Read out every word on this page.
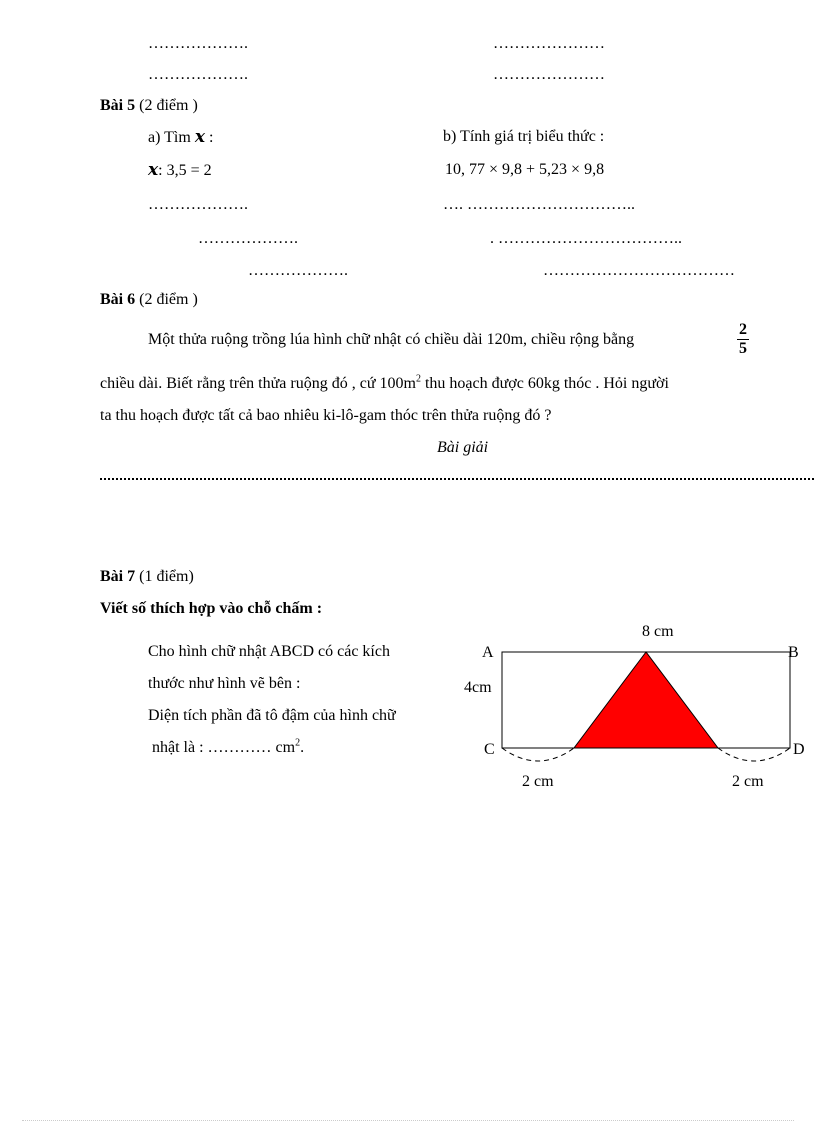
……………….	…………………
……………….	…………………
Bài 5 (2 điểm )
a) Tìm x :	b) Tính giá trị biểu thức :
x: 3,5 = 2	10, 77 × 9,8 + 5,23 × 9,8
……………….	…. …………………………..
……………….	. ……………………………..
……………….	………………………………
Bài 6 (2 điểm )
Một thửa ruộng trồng lúa hình chữ nhật có chiều dài 120m, chiều rộng bằng
2
5
chiều dài. Biết rằng trên thửa ruộng đó , cứ $100m^2$ thu hoạch được 60kg thóc . Hỏi người
ta thu hoạch được tất cả bao nhiêu ki-lô-gam thóc trên thửa ruộng đó ?
Bài giải
Bài 7 (1 điểm)
Viết số thích hợp vào chỗ chấm :
Cho hình chữ nhật ABCD có các kích
thước như hình vẽ bên :
Diện tích phần đã tô đậm của hình chữ
nhật là : ………… $cm^2$.
8 cm
4cm
A	B
C	D
2 cm	2 cm
